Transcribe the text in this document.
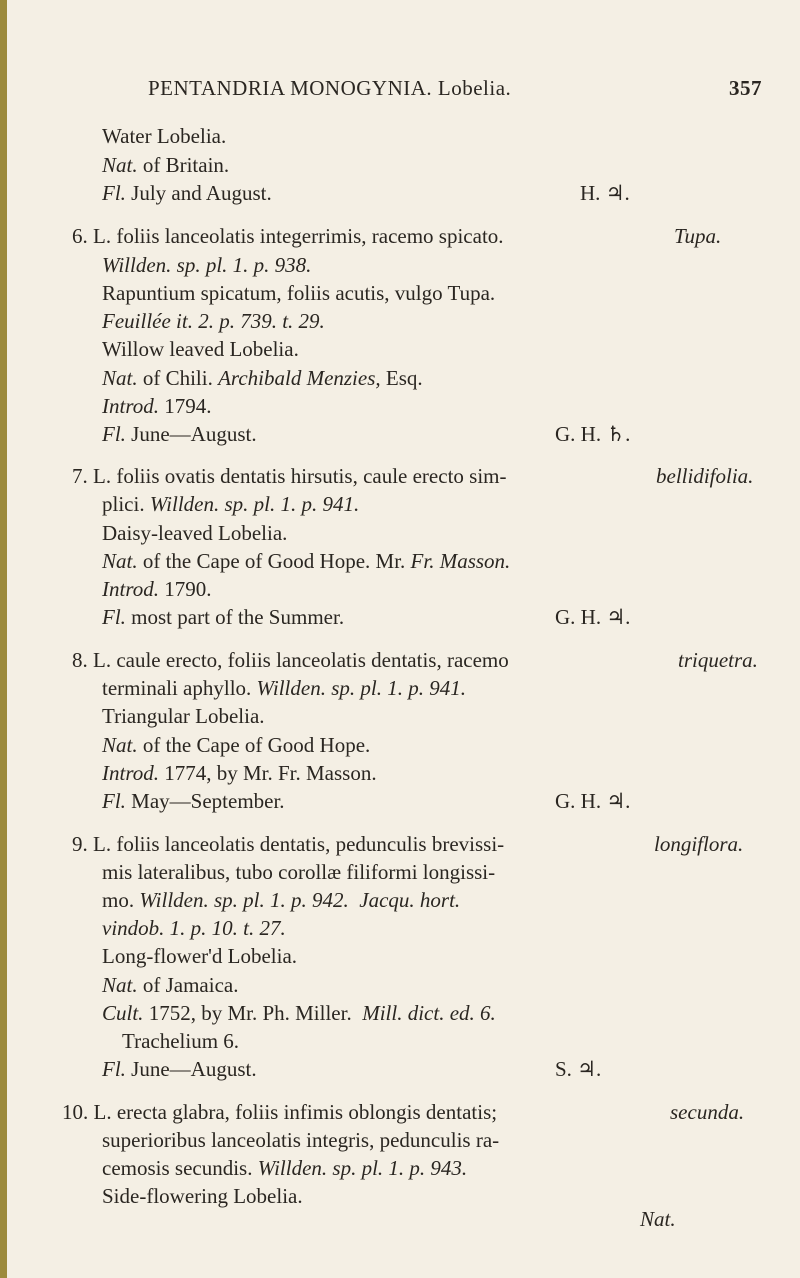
PENTANDRIA MONOGYNIA. Lobelia.	357
Water Lobelia.
Nat. of Britain.
Fl. July and August.	H. ♃.
6. L. foliis lanceolatis integerrimis, racemo spicato.	Tupa.
Willden. sp. pl. 1. p. 938.
Rapuntium spicatum, foliis acutis, vulgo Tupa.
Feuillée it. 2. p. 739. t. 29.
Willow leaved Lobelia.
Nat. of Chili. Archibald Menzies, Esq.
Introd. 1794.
Fl. June—August.	G. H. ♄.
7. L. foliis ovatis dentatis hirsutis, caule erecto sim-	bellidifolia.
plici. Willden. sp. pl. 1. p. 941.
Daisy-leaved Lobelia.
Nat. of the Cape of Good Hope. Mr. Fr. Masson.
Introd. 1790.
Fl. most part of the Summer.	G. H. ♃.
8. L. caule erecto, foliis lanceolatis dentatis, racemo	triquetra.
terminali aphyllo. Willden. sp. pl. 1. p. 941.
Triangular Lobelia.
Nat. of the Cape of Good Hope.
Introd. 1774, by Mr. Fr. Masson.
Fl. May—September.	G. H. ♃.
9. L. foliis lanceolatis dentatis, pedunculis brevissi-	longiflora.
mis lateralibus, tubo corollæ filiformi longissi-
mo. Willden. sp. pl. 1. p. 942. Jacqu. hort.
vindob. 1. p. 10. t. 27.
Long-flower'd Lobelia.
Nat. of Jamaica.
Cult. 1752, by Mr. Ph. Miller. Mill. dict. ed. 6.
Trachelium 6.
Fl. June—August.	S. ♃.
10. L. erecta glabra, foliis infimis oblongis dentatis;	secunda.
superioribus lanceolatis integris, pedunculis ra-
cemosis secundis. Willden. sp. pl. 1. p. 943.
Side-flowering Lobelia.
Nat.
